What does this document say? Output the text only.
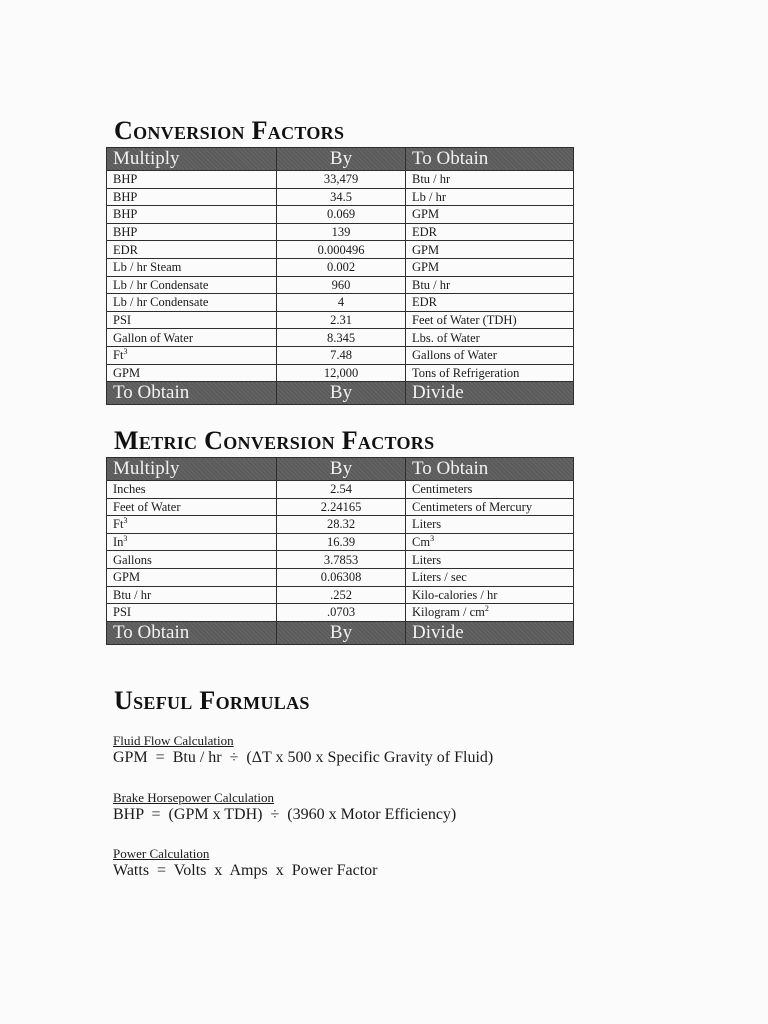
Conversion Factors
Multiply	By	To Obtain
BHP	33,479	Btu / hr
BHP	34.5	Lb / hr
BHP	0.069	GPM
BHP	139	EDR
EDR	0.000496	GPM
Lb / hr Steam	0.002	GPM
Lb / hr Condensate	960	Btu / hr
Lb / hr Condensate	4	EDR
PSI	2.31	Feet of Water (TDH)
Gallon of Water	8.345	Lbs. of Water
Ft$^3$	7.48	Gallons of Water
GPM	12,000	Tons of Refrigeration
To Obtain	By	Divide
Metric Conversion Factors
Multiply	By	To Obtain
Inches	2.54	Centimeters
Feet of Water	2.24165	Centimeters of Mercury
Ft$^3$	28.32	Liters
In$^3$	16.39	Cm$^3$
Gallons	3.7853	Liters
GPM	0.06308	Liters / sec
Btu / hr	.252	Kilo-calories / hr
PSI	.0703	Kilogram / $cm^2$
To Obtain	By	Divide
Useful Formulas
Fluid Flow Calculation
GPM  =  Btu / hr  ÷  (ΔT x 500 x Specific Gravity of Fluid)
Brake Horsepower Calculation
BHP  =  (GPM x TDH)  ÷  (3960 x Motor Efficiency)
Power Calculation
Watts  =  Volts  x  Amps  x  Power Factor
